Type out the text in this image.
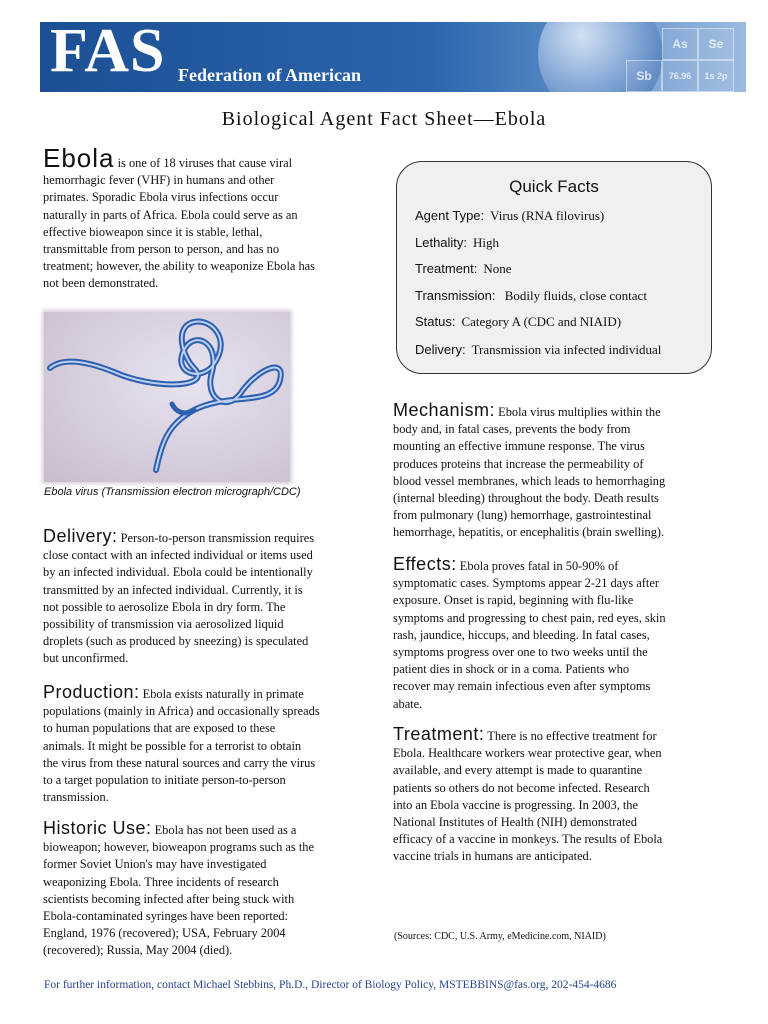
As	Se
Sb	76.96	1s 2p
FAS Federation of American
Biological Agent Fact Sheet—Ebola

Ebola is one of 18 viruses that cause viral

hemorrhagic fever (VHF) in humans and other

primates. Sporadic Ebola virus infections occur

naturally in parts of Africa. Ebola could serve as an

effective bioweapon since it is stable, lethal,

transmittable from person to person, and has no

treatment; however, the ability to weaponize Ebola has

not been demonstrated.

Ebola virus (Transmission electron micrograph/CDC)
Quick Facts
Agent Type: Virus (RNA filovirus)
Lethality: High
Treatment: None
Transmission: Bodily fluids, close contact
Status: Category A (CDC and NIAID)
Delivery: Transmission via infected individual

Delivery: Person-to-person transmission requires

close contact with an infected individual or items used

by an infected individual. Ebola could be intentionally

transmitted by an infected individual. Currently, it is

not possible to aerosolize Ebola in dry form. The

possibility of transmission via aerosolized liquid

droplets (such as produced by sneezing) is speculated

but unconfirmed.

Production: Ebola exists naturally in primate

populations (mainly in Africa) and occasionally spreads

to human populations that are exposed to these

animals. It might be possible for a terrorist to obtain

the virus from these natural sources and carry the virus

to a target population to initiate person-to-person

transmission.

Historic Use: Ebola has not been used as a

bioweapon; however, bioweapon programs such as the

former Soviet Union's may have investigated

weaponizing Ebola. Three incidents of research

scientists becoming infected after being stuck with

Ebola-contaminated syringes have been reported:

England, 1976 (recovered); USA, February 2004

(recovered); Russia, May 2004 (died).

Mechanism: Ebola virus multiplies within the

body and, in fatal cases, prevents the body from

mounting an effective immune response. The virus

produces proteins that increase the permeability of

blood vessel membranes, which leads to hemorrhaging

(internal bleeding) throughout the body. Death results

from pulmonary (lung) hemorrhage, gastrointestinal

hemorrhage, hepatitis, or encephalitis (brain swelling).

Effects: Ebola proves fatal in 50-90% of

symptomatic cases. Symptoms appear 2-21 days after

exposure. Onset is rapid, beginning with flu-like

symptoms and progressing to chest pain, red eyes, skin

rash, jaundice, hiccups, and bleeding. In fatal cases,

symptoms progress over one to two weeks until the

patient dies in shock or in a coma. Patients who

recover may remain infectious even after symptoms

abate.

Treatment: There is no effective treatment for

Ebola. Healthcare workers wear protective gear, when

available, and every attempt is made to quarantine

patients so others do not become infected. Research

into an Ebola vaccine is progressing. In 2003, the

National Institutes of Health (NIH) demonstrated

efficacy of a vaccine in monkeys. The results of Ebola

vaccine trials in humans are anticipated.

(Sources: CDC, U.S. Army, eMedicine.com, NIAID)
For further information, contact Michael Stebbins, Ph.D., Director of Biology Policy, MSTEBBINS@fas.org, 202-454-4686
